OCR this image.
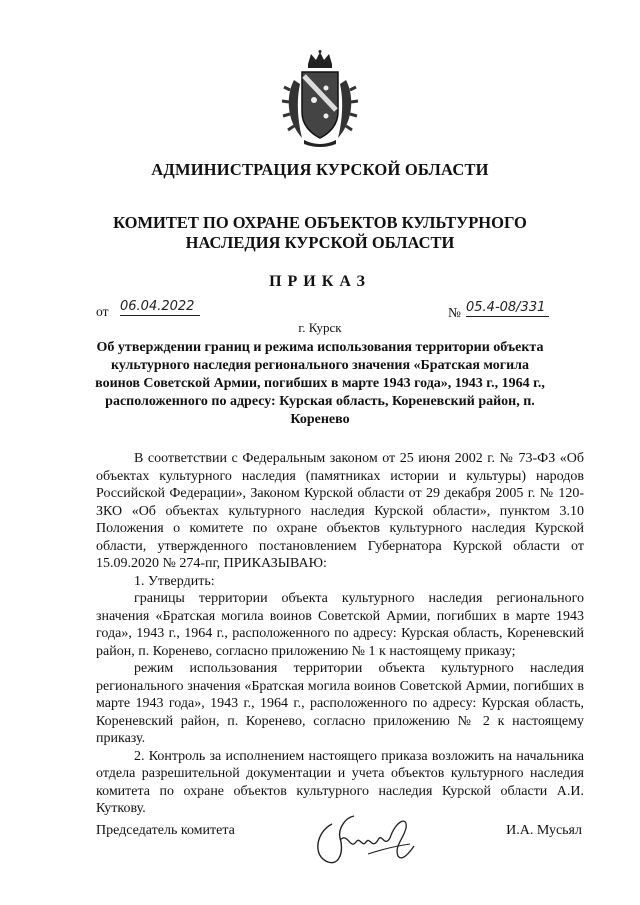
АДМИНИСТРАЦИЯ КУРСКОЙ ОБЛАСТИ
КОМИТЕТ ПО ОХРАНЕ ОБЪЕКТОВ КУЛЬТУРНОГО НАСЛЕДИЯ КУРСКОЙ ОБЛАСТИ
ПРИКАЗ
от 06.04.2022	№ 05.4-08/331
г. Курск
Об утверждении границ и режима использования территории объекта культурного наследия регионального значения «Братская могила воинов Советской Армии, погибших в марте 1943 года», 1943 г., 1964 г., расположенного по адресу: Курская область, Кореневский район, п. Коренево

В соответствии с Федеральным законом от 25 июня 2002 г. № 73-ФЗ «Об объектах культурного наследия (памятниках истории и культуры) народов Российской Федерации», Законом Курской области от 29 декабря 2005 г. № 120-ЗКО «Об объектах культурного наследия Курской области», пунктом 3.10 Положения о комитете по охране объектов культурного наследия Курской области, утвержденного постановлением Губернатора Курской области от 15.09.2020 № 274-пг, ПРИКАЗЫВАЮ:

1. Утвердить:

границы территории объекта культурного наследия регионального значения «Братская могила воинов Советской Армии, погибших в марте 1943 года», 1943 г., 1964 г., расположенного по адресу: Курская область, Кореневский район, п. Коренево, согласно приложению № 1 к настоящему приказу;

режим использования территории объекта культурного наследия регионального значения «Братская могила воинов Советской Армии, погибших в марте 1943 года», 1943 г., 1964 г., расположенного по адресу: Курская область, Кореневский район, п. Коренево, согласно приложению № 2 к настоящему приказу.

2. Контроль за исполнением настоящего приказа возложить на начальника отдела разрешительной документации и учета объектов культурного наследия комитета по охране объектов культурного наследия Курской области А.И. Куткову.

Председатель комитета	И.А. Мусьял
